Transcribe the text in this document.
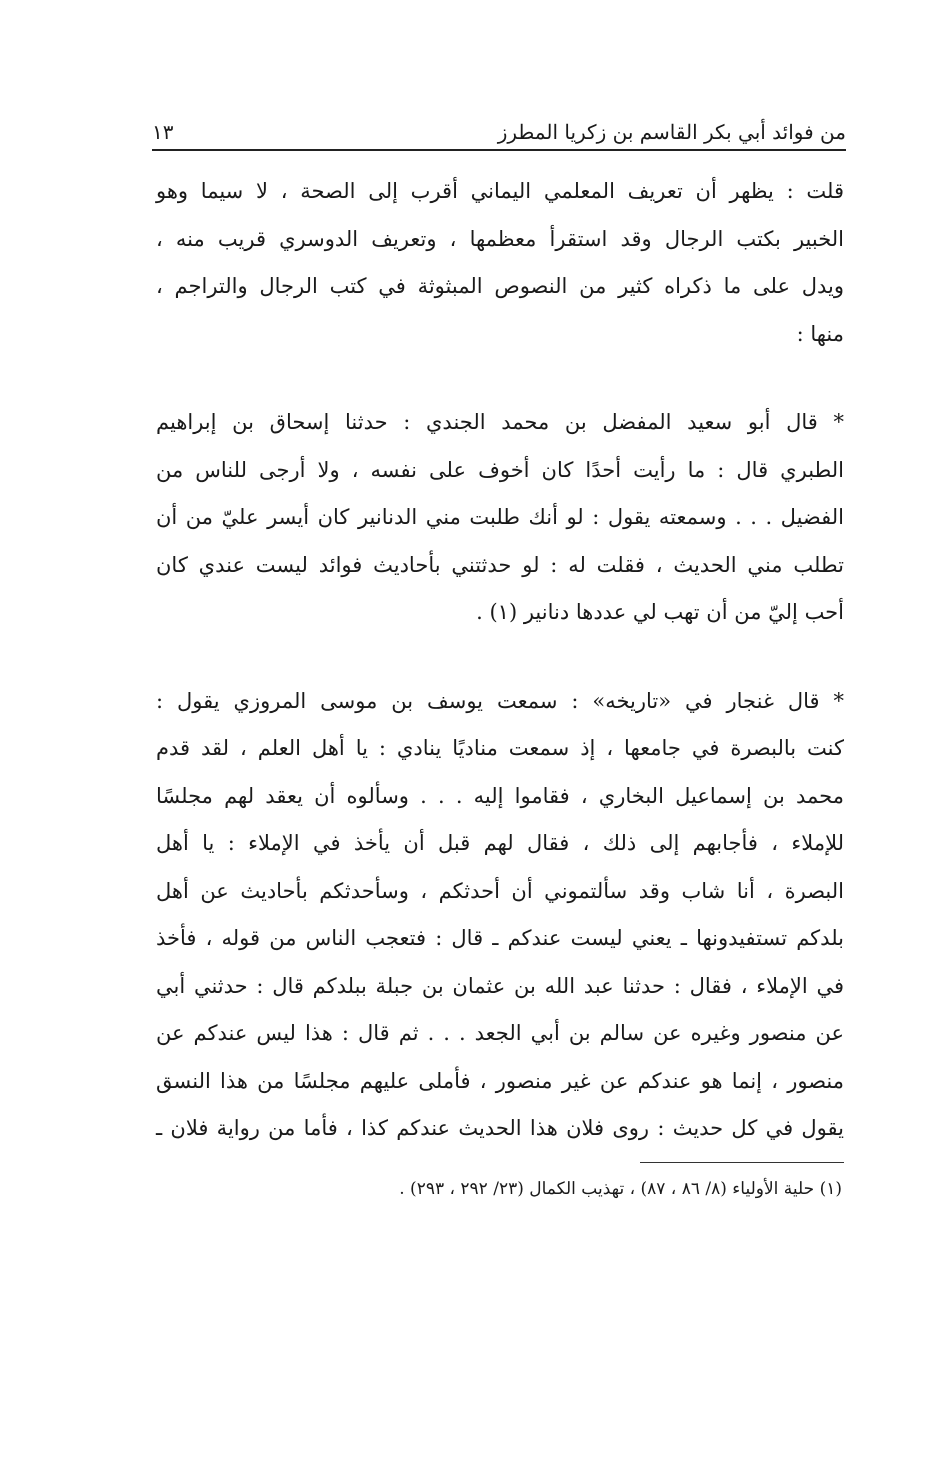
من فوائد أبي بكر القاسم بن زكريا المطرز
١٣

قلت : يظهر أن تعريف المعلمي اليماني أقرب إلى الصحة ، لا سيما وهو
الخبير بكتب الرجال وقد استقرأ معظمها ، وتعريف الدوسري قريب منه ،
ويدل على ما ذكراه كثير من النصوص المبثوثة في كتب الرجال والتراجم ،
منها :

* قال أبو سعيد المفضل بن محمد الجندي : حدثنا إسحاق بن إبراهيم
الطبري قال : ما رأيت أحدًا كان أخوف على نفسه ، ولا أرجى للناس من
الفضيل . . . وسمعته يقول : لو أنك طلبت مني الدنانير كان أيسر عليّ من أن
تطلب مني الحديث ، فقلت له : لو حدثتني بأحاديث فوائد ليست عندي كان
أحب إليّ من أن تهب لي عددها دنانير (١) .

* قال غنجار في «تاريخه» : سمعت يوسف بن موسى المروزي يقول :
كنت بالبصرة في جامعها ، إذ سمعت مناديًا ينادي : يا أهل العلم ، لقد قدم
محمد بن إسماعيل البخاري ، فقاموا إليه . . . وسألوه أن يعقد لهم مجلسًا
للإملاء ، فأجابهم إلى ذلك ، فقال لهم قبل أن يأخذ في الإملاء : يا أهل
البصرة ، أنا شاب وقد سألتموني أن أحدثكم ، وسأحدثكم بأحاديث عن أهل
بلدكم تستفيدونها ـ يعني ليست عندكم ـ قال : فتعجب الناس من قوله ، فأخذ
في الإملاء ، فقال : حدثنا عبد الله بن عثمان بن جبلة ببلدكم قال : حدثني أبي
عن منصور وغيره عن سالم بن أبي الجعد . . . ثم قال : هذا ليس عندكم عن
منصور ، إنما هو عندكم عن غير منصور ، فأملى عليهم مجلسًا من هذا النسق
يقول في كل حديث : روى فلان هذا الحديث عندكم كذا ، فأما من رواية فلان ـ

(١) حلية الأولياء (٨/ ٨٦ ، ٨٧) ، تهذيب الكمال (٢٣/ ٢٩٢ ، ٢٩٣) .
